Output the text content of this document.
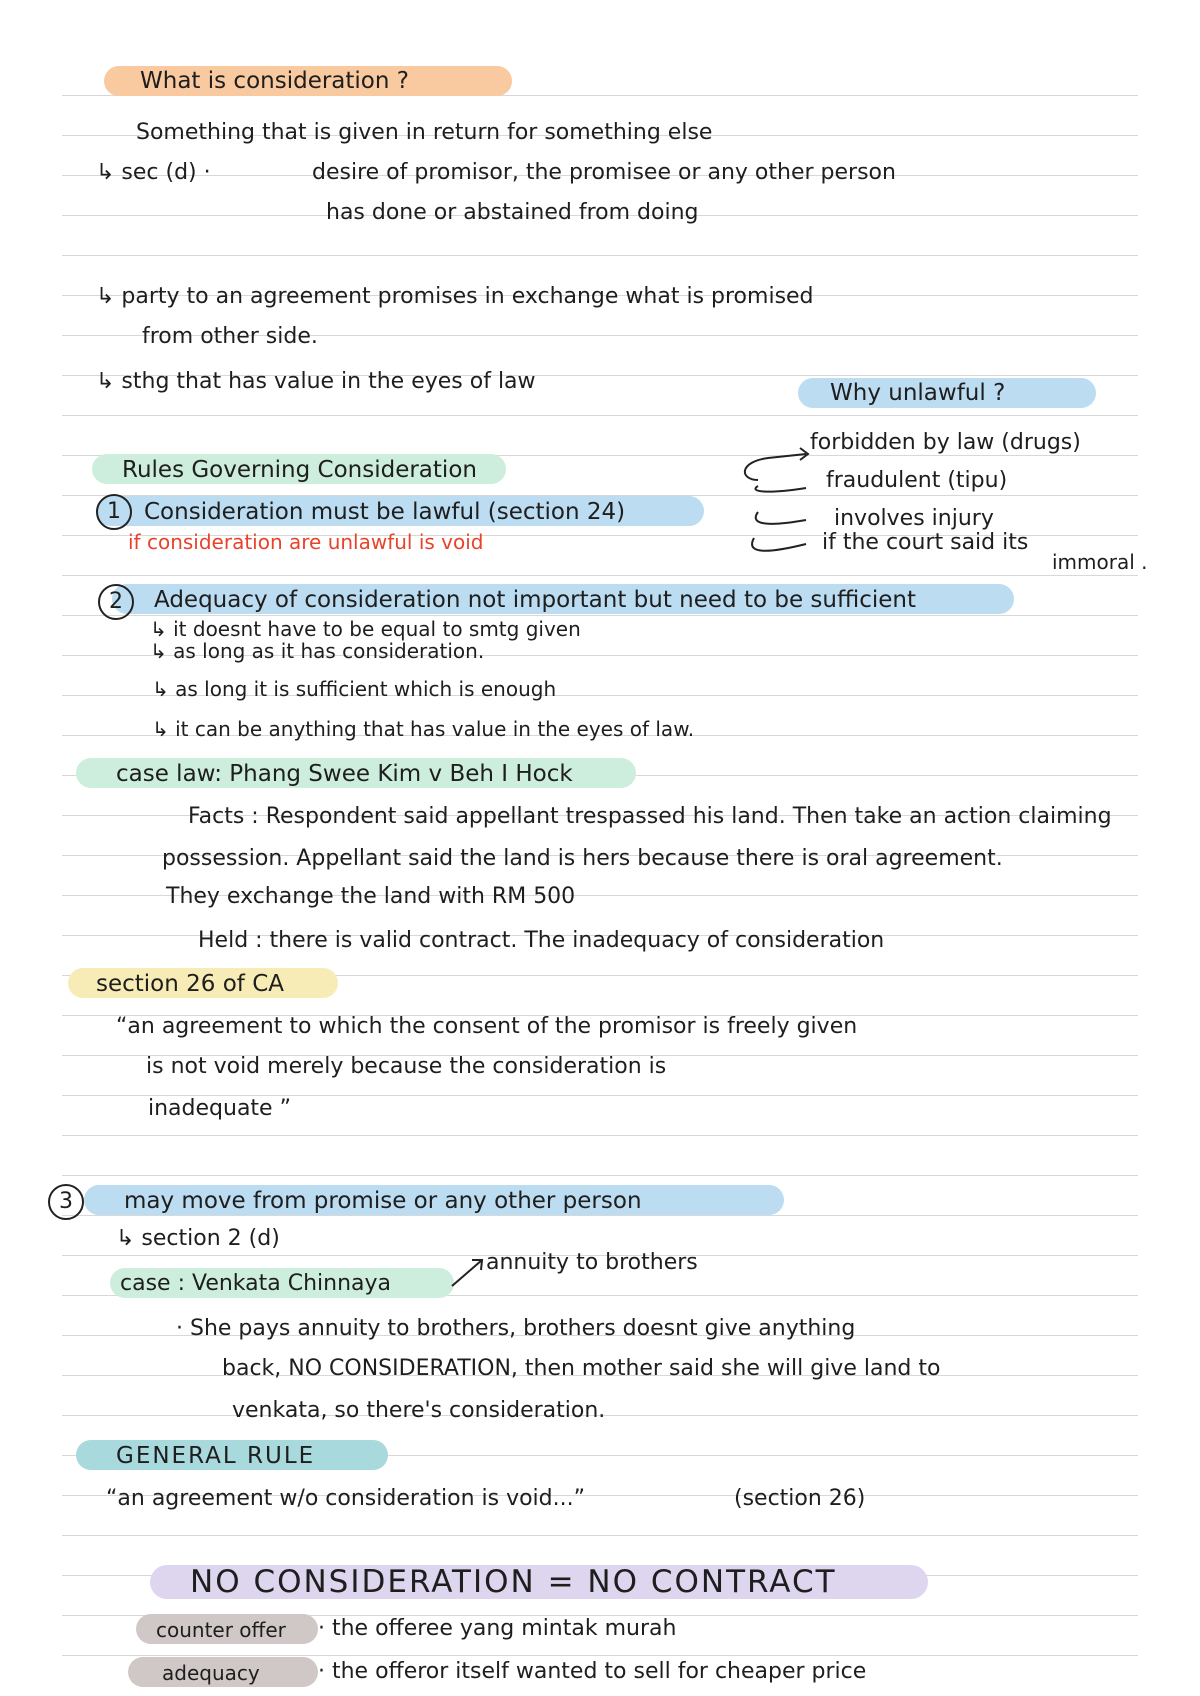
What is consideration ?
Something that is given in return for something else
↳ sec (d) ·	desire of promisor, the promisee or any other person
has done or abstained from doing
↳ party to an agreement promises in exchange what is promised
from other side.
↳ sthg that has value in the eyes of law	Why unlawful ?
forbidden by law (drugs)
fraudulent (tipu)
involves injury
if the court said its
immoral .
Rules Governing Consideration
1	Consideration must be lawful (section 24)
if consideration are unlawful is void
2	Adequacy of consideration not important but need to be sufficient
↳ it doesnt have to be equal to smtg given
↳ as long as it has consideration.
↳ as long it is sufficient which is enough
↳ it can be anything that has value in the eyes of law.
case law: Phang Swee Kim v Beh I Hock
Facts : Respondent said appellant trespassed his land. Then take an action claiming
possession. Appellant said the land is hers because there is oral agreement.
They exchange the land with RM 500
Held : there is valid contract. The inadequacy of consideration
section 26 of CA
“an agreement to which the consent of the promisor is freely given
is not void merely because the consideration is
inadequate ”
3	may move from promise or any other person
↳ section 2 (d)
case : Venkata Chinnaya
annuity to brothers
· She pays annuity to brothers, brothers doesnt give anything
back, NO CONSIDERATION, then mother said she will give land to
venkata, so there's consideration.
GENERAL RULE
“an agreement w/o consideration is void...”	(section 26)
NO CONSIDERATION = NO CONTRACT
counter offer · the offeree yang mintak murah
adequacy	· the offeror itself wanted to sell for cheaper price
